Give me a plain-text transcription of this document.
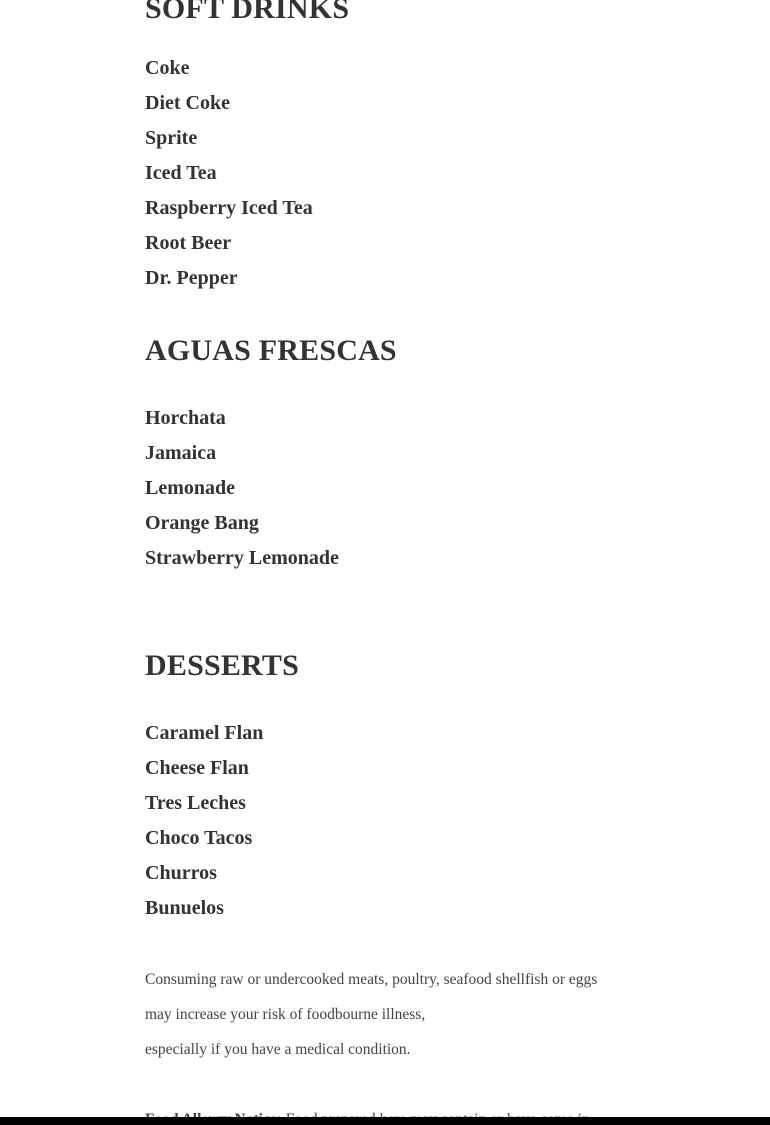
SOFT DRINKS
Coke
Diet Coke
Sprite
Iced Tea
Raspberry Iced Tea
Root Beer
Dr. Pepper
AGUAS FRESCAS
Horchata
Jamaica
Lemonade
Orange Bang
Strawberry Lemonade
DESSERTS
Caramel Flan
Cheese Flan
Tres Leches
Choco Tacos
Churros
Bunuelos
Consuming raw or undercooked meats, poultry, seafood shellfish or eggs
may increase your risk of foodbourne illness,
especially if you have a medical condition.
